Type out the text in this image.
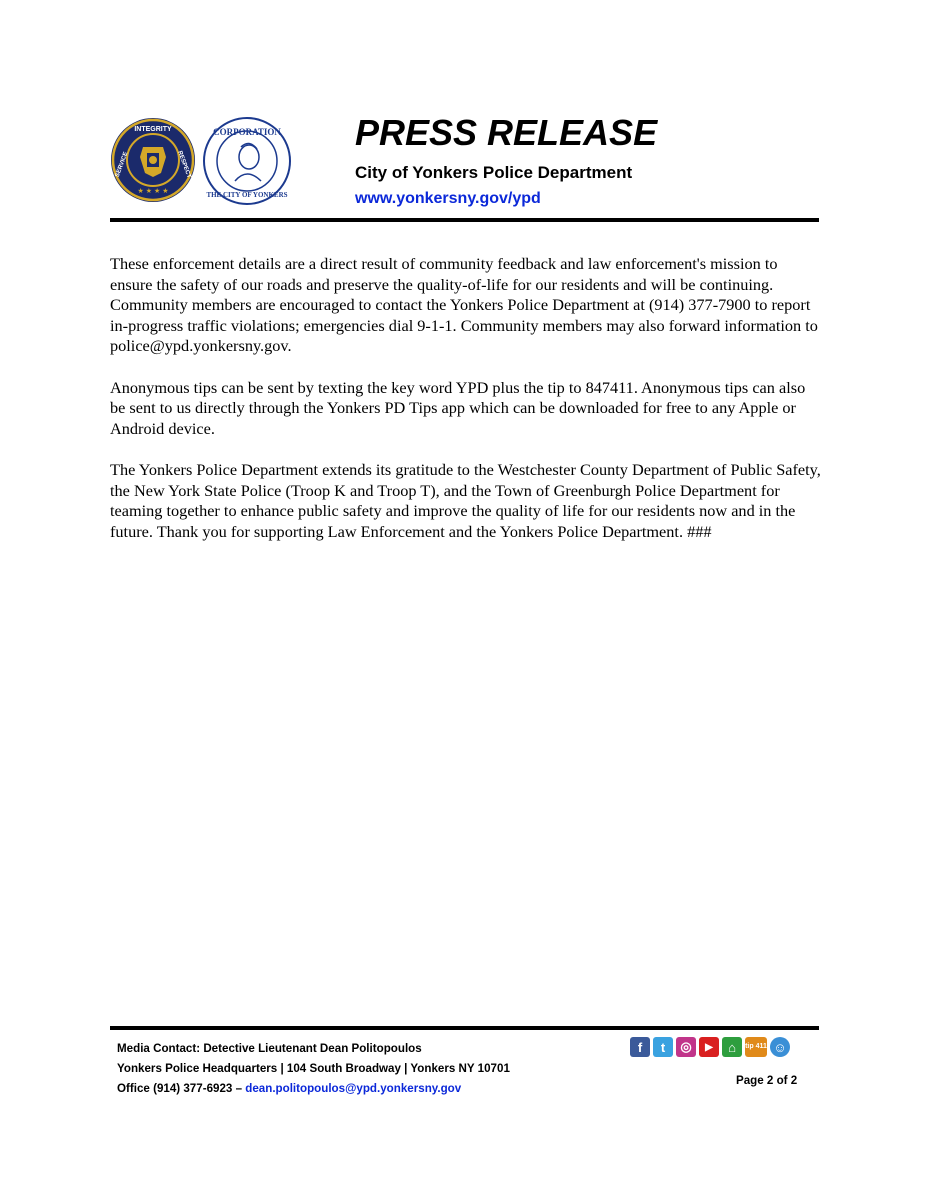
INTEGRITY
SERVICE	RESPECT
★ ★ ★ ★
CORPORATION
THE CITY OF YONKERS
PRESS RELEASE
City of Yonkers Police Department
www.yonkersny.gov/ypd

These enforcement details are a direct result of community feedback and law enforcement's mission to ensure the safety of our roads and preserve the quality-of-life for our residents and will be continuing. Community members are encouraged to contact the Yonkers Police Department at (914) 377-7900 to report in-progress traffic violations; emergencies dial 9-1-1. Community members may also forward information to police@ypd.yonkersny.gov.

Anonymous tips can be sent by texting the key word YPD plus the tip to 847411. Anonymous tips can also be sent to us directly through the Yonkers PD Tips app which can be downloaded for free to any Apple or Android device.

The Yonkers Police Department extends its gratitude to the Westchester County Department of Public Safety, the New York State Police (Troop K and Troop T), and the Town of Greenburgh Police Department for teaming together to enhance public safety and improve the quality of life for our residents now and in the future. Thank you for supporting Law Enforcement and the Yonkers Police Department. ###

Media Contact: Detective Lieutenant Dean Politopoulos
Yonkers Police Headquarters | 104 South Broadway | Yonkers NY 10701
Office (914) 377-6923 – dean.politopoulos@ypd.yonkersny.gov
f t ◎ ▶ ⌂ tip 411 ☺
Page 2 of 2
